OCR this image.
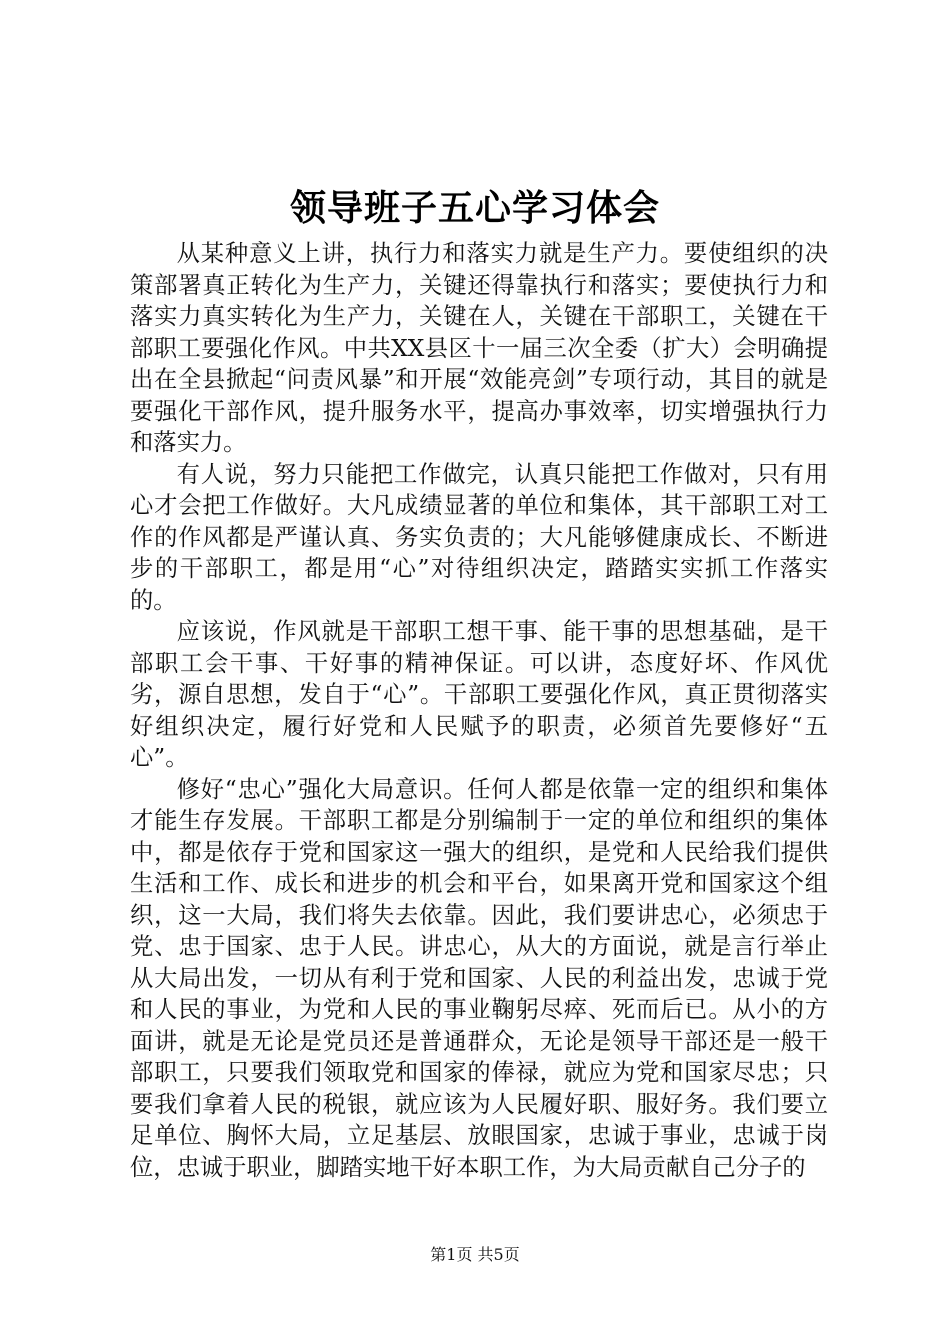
领导班子五心学习体会

从某种意义上讲，执行力和落实力就是生产力。要使组织的决策部署真正转化为生产力，关键还得靠执行和落实；要使执行力和落实力真实转化为生产力，关键在人，关键在干部职工，关键在干部职工要强化作风。中共XX县区十一届三次全委（扩大）会明确提出在全县掀起“问责风暴”和开展“效能亮剑”专项行动，其目的就是要强化干部作风，提升服务水平，提高办事效率，切实增强执行力和落实力。

有人说，努力只能把工作做完，认真只能把工作做对，只有用心才会把工作做好。大凡成绩显著的单位和集体，其干部职工对工作的作风都是严谨认真、务实负责的；大凡能够健康成长、不断进步的干部职工，都是用“心”对待组织决定，踏踏实实抓工作落实的。

应该说，作风就是干部职工想干事、能干事的思想基础，是干部职工会干事、干好事的精神保证。可以讲，态度好坏、作风优劣，源自思想，发自于“心”。干部职工要强化作风，真正贯彻落实好组织决定，履行好党和人民赋予的职责，必须首先要修好“五心”。

修好“忠心”强化大局意识。任何人都是依靠一定的组织和集体才能生存发展。干部职工都是分别编制于一定的单位和组织的集体中，都是依存于党和国家这一强大的组织，是党和人民给我们提供生活和工作、成长和进步的机会和平台，如果离开党和国家这个组织，这一大局，我们将失去依靠。因此，我们要讲忠心，必须忠于党、忠于国家、忠于人民。讲忠心，从大的方面说，就是言行举止从大局出发，一切从有利于党和国家、人民的利益出发，忠诚于党和人民的事业，为党和人民的事业鞠躬尽瘁、死而后已。从小的方面讲，就是无论是党员还是普通群众，无论是领导干部还是一般干部职工，只要我们领取党和国家的俸禄，就应为党和国家尽忠；只要我们拿着人民的税银，就应该为人民履好职、服好务。我们要立足单位、胸怀大局，立足基层、放眼国家，忠诚于事业，忠诚于岗位，忠诚于职业，脚踏实地干好本职工作，为大局贡献自己分子的

第1页 共5页
